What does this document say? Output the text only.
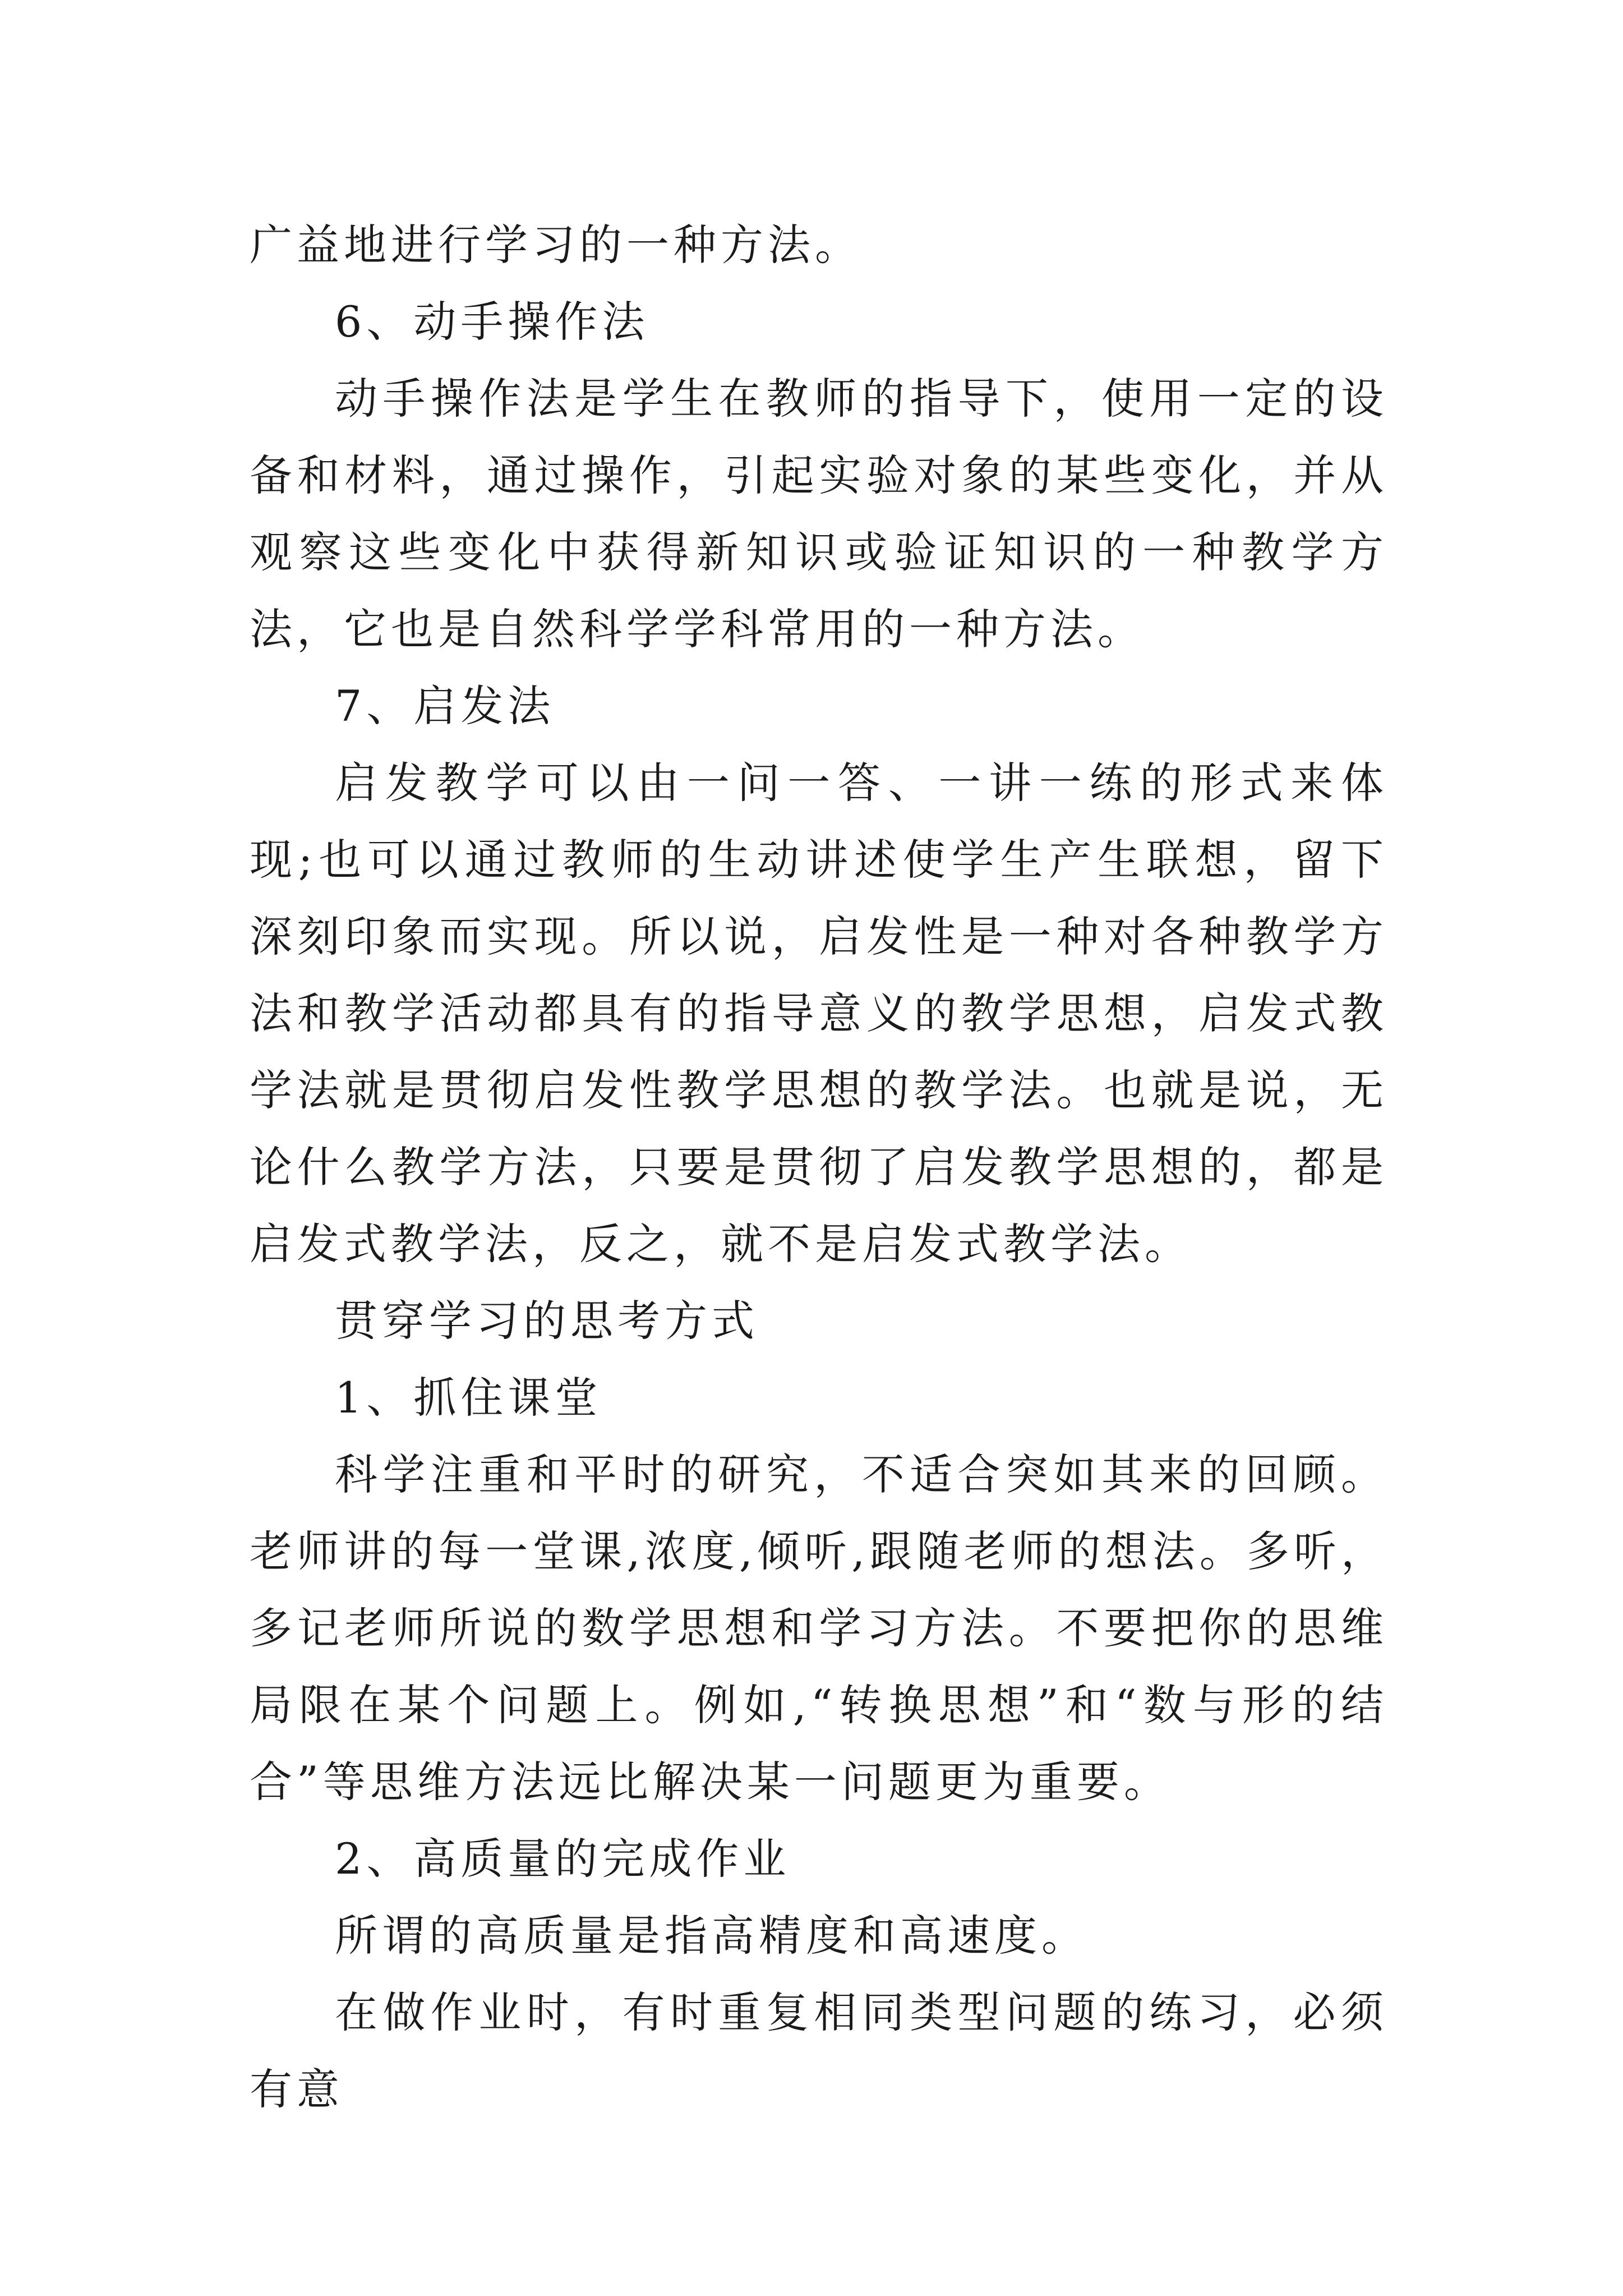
广益地进行学习的一种方法。

6、动手操作法

动手操作法是学生在教师的指导下，使用一定的设备和材料，通过操作，引起实验对象的某些变化，并从观察这些变化中获得新知识或验证知识的一种教学方法，它也是自然科学学科常用的一种方法。

7、启发法

启发教学可以由一问一答、一讲一练的形式来体现;也可以通过教师的生动讲述使学生产生联想，留下深刻印象而实现。所以说，启发性是一种对各种教学方法和教学活动都具有的指导意义的教学思想，启发式教学法就是贯彻启发性教学思想的教学法。也就是说，无论什么教学方法，只要是贯彻了启发教学思想的，都是启发式教学法，反之，就不是启发式教学法。

贯穿学习的思考方式

1、抓住课堂

科学注重和平时的研究，不适合突如其来的回顾。老师讲的每一堂课,浓度,倾听,跟随老师的想法。多听，多记老师所说的数学思想和学习方法。不要把你的思维局限在某个问题上。例如,“转换思想”和“数与形的结合”等思维方法远比解决某一问题更为重要。

2、高质量的完成作业

所谓的高质量是指高精度和高速度。

在做作业时，有时重复相同类型问题的练习，必须有意
